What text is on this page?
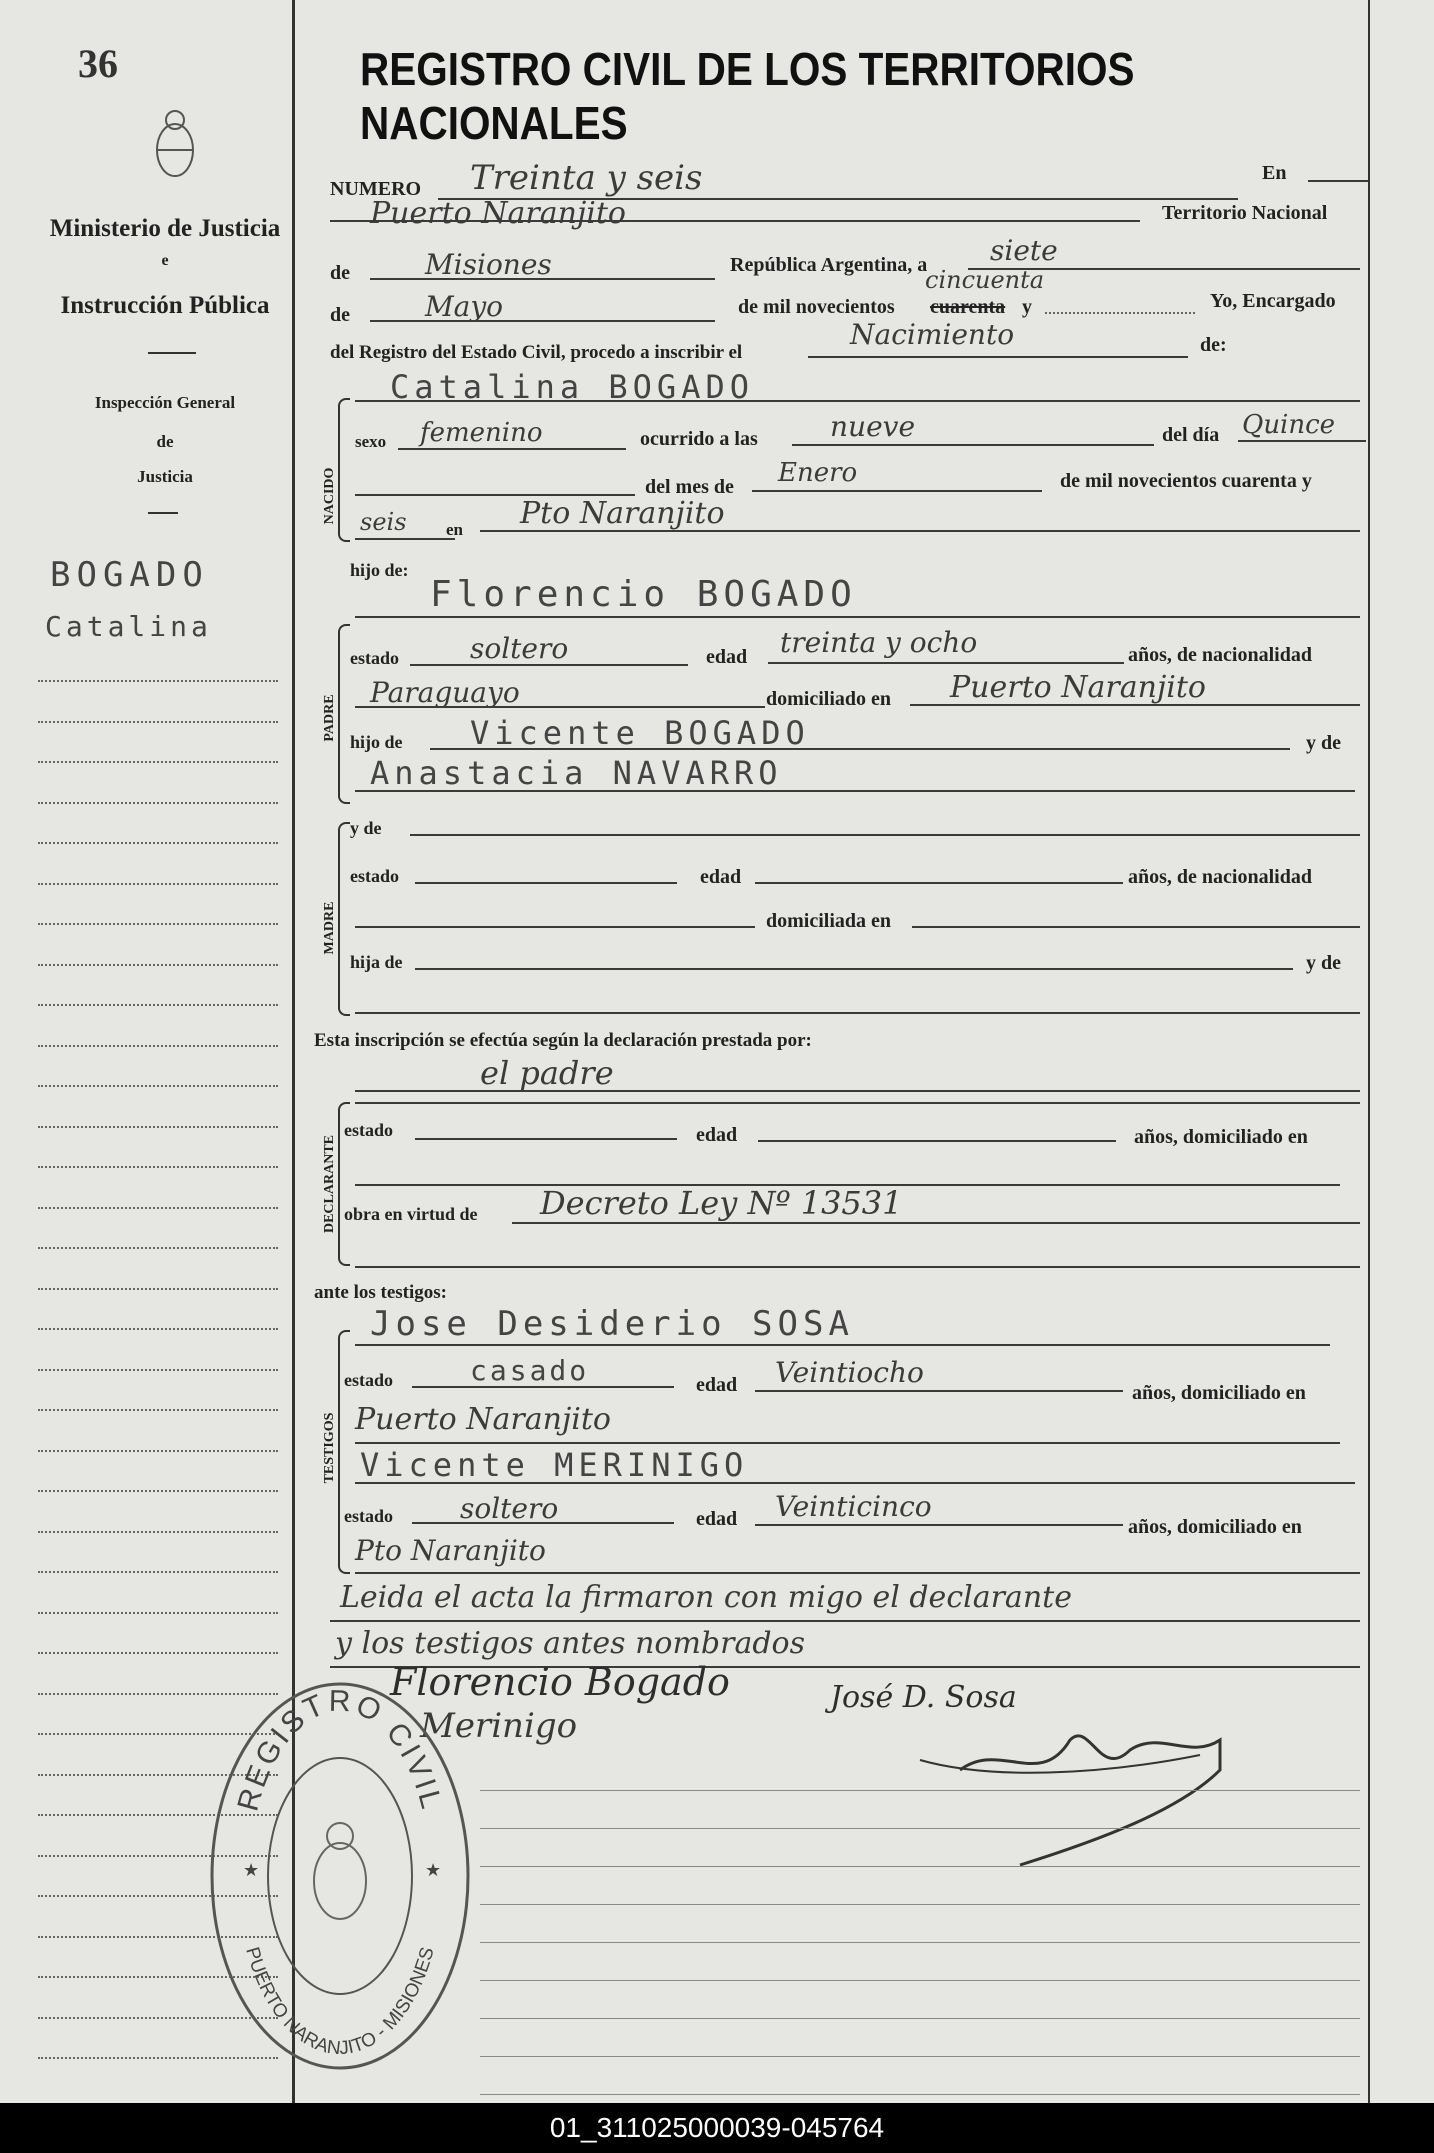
36
Ministerio de Justicia
e
Instrucción Pública
Inspección General
de
Justicia
BOGADO
Catalina
REGISTRO CIVIL DE LOS TERRITORIOS NACIONALES
NUMERO Treinta y seis	En
Puerto Naranjito	Territorio Nacional
de	Misiones	República Argentina, a siete
de	Mayo	de mil novecientos cuarenta
cincuenta
y	Yo, Encargado
del Registro del Estado Civil, procedo a inscribir el
Nacimiento	de:
NACIDO
Catalina BOGADO
sexo femenino	ocurrido a las	nueve	del día Quince
del mes de Enero	de mil novecientos cuarenta y
seis en Pto Naranjito
hijo de:
Florencio BOGADO
PADRE
estado	soltero	edad treinta y ocho	años, de nacionalidad
Paraguayo	domiciliado en Puerto Naranjito
hijo de Vicente BOGADO	y de
Anastacia NAVARRO
MADRE
y de
estado	edad	años, de nacionalidad
domiciliada en
hija de	y de
Esta inscripción se efectúa según la declaración prestada por:
el padre
DECLARANTE
estado	edad	años, domiciliado en
obra en virtud de Decreto Ley Nº 13531
ante los testigos:
TESTIGOS
Jose Desiderio SOSA
estado	casado	edad Veintiocho
años, domiciliado en
Puerto Naranjito
Vicente MERINIGO
estado soltero	edad Veinticinco
años, domiciliado en
Pto Naranjito
Leida el acta la firmaron con migo el declarante
y los testigos antes nombrados
Florencio Bogado	José D. Sosa
Merinigo
REGISTRO CIVIL
PUERTO NARANJITO - MISIONES
★
★
01_311025000039-045764
